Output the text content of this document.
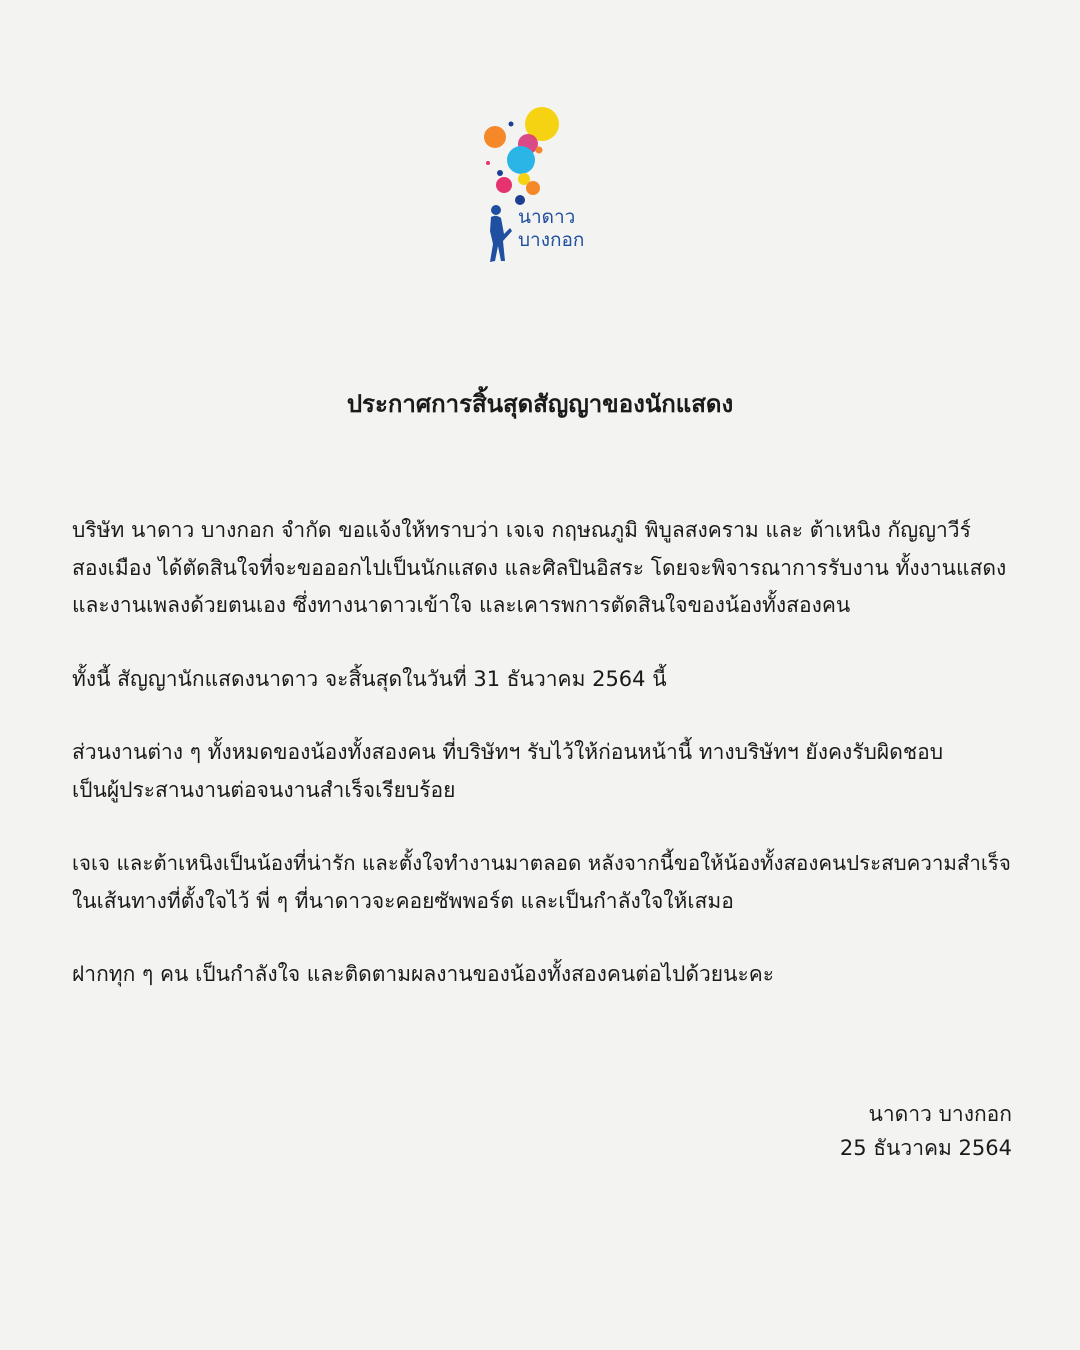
นาดาว
บางกอก
ประกาศการสิ้นสุดสัญญาของนักแสดง

บริษัท นาดาว บางกอก จำกัด ขอแจ้งให้ทราบว่า เจเจ กฤษณภูมิ พิบูลสงคราม และ ต้าเหนิง กัญญาวีร์
สองเมือง ได้ตัดสินใจที่จะขอออกไปเป็นนักแสดง และศิลปินอิสระ โดยจะพิจารณาการรับงาน ทั้งงานแสดง
และงานเพลงด้วยตนเอง ซึ่งทางนาดาวเข้าใจ และเคารพการตัดสินใจของน้องทั้งสองคน

ทั้งนี้ สัญญานักแสดงนาดาว จะสิ้นสุดในวันที่ 31 ธันวาคม 2564 นี้

ส่วนงานต่าง ๆ ทั้งหมดของน้องทั้งสองคน ที่บริษัทฯ รับไว้ให้ก่อนหน้านี้ ทางบริษัทฯ ยังคงรับผิดชอบ
เป็นผู้ประสานงานต่อจนงานสำเร็จเรียบร้อย

เจเจ และต้าเหนิงเป็นน้องที่น่ารัก และตั้งใจทำงานมาตลอด หลังจากนี้ขอให้น้องทั้งสองคนประสบความสำเร็จ
ในเส้นทางที่ตั้งใจไว้ พี่ ๆ ที่นาดาวจะคอยซัพพอร์ต และเป็นกำลังใจให้เสมอ

ฝากทุก ๆ คน เป็นกำลังใจ และติดตามผลงานของน้องทั้งสองคนต่อไปด้วยนะคะ

นาดาว บางกอก
25 ธันวาคม 2564
